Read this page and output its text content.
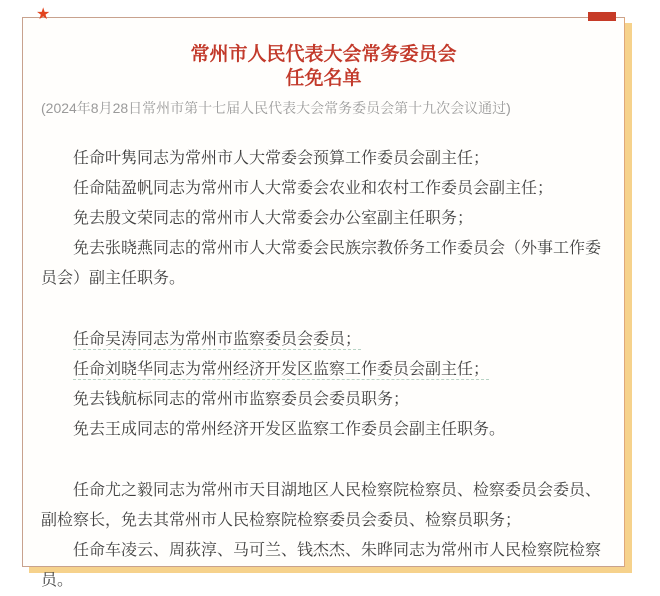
★
常州市人民代表大会常务委员会
任免名单

(2024年8月28日常州市第十七届人民代表大会常务委员会第十九次会议通过)

任命叶隽同志为常州市人大常委会预算工作委员会副主任；

任命陆盈帆同志为常州市人大常委会农业和农村工作委员会副主任；

免去殷文荣同志的常州市人大常委会办公室副主任职务；

免去张晓燕同志的常州市人大常委会民族宗教侨务工作委员会（外事工作委员会）副主任职务。

任命吴涛同志为常州市监察委员会委员；

任命刘晓华同志为常州经济开发区监察工作委员会副主任；

免去钱航标同志的常州市监察委员会委员职务；

免去王成同志的常州经济开发区监察工作委员会副主任职务。

任命尤之毅同志为常州市天目湖地区人民检察院检察员、检察委员会委员、副检察长，免去其常州市人民检察院检察委员会委员、检察员职务；

任命车凌云、周荻淳、马可兰、钱杰杰、朱晔同志为常州市人民检察院检察员。
